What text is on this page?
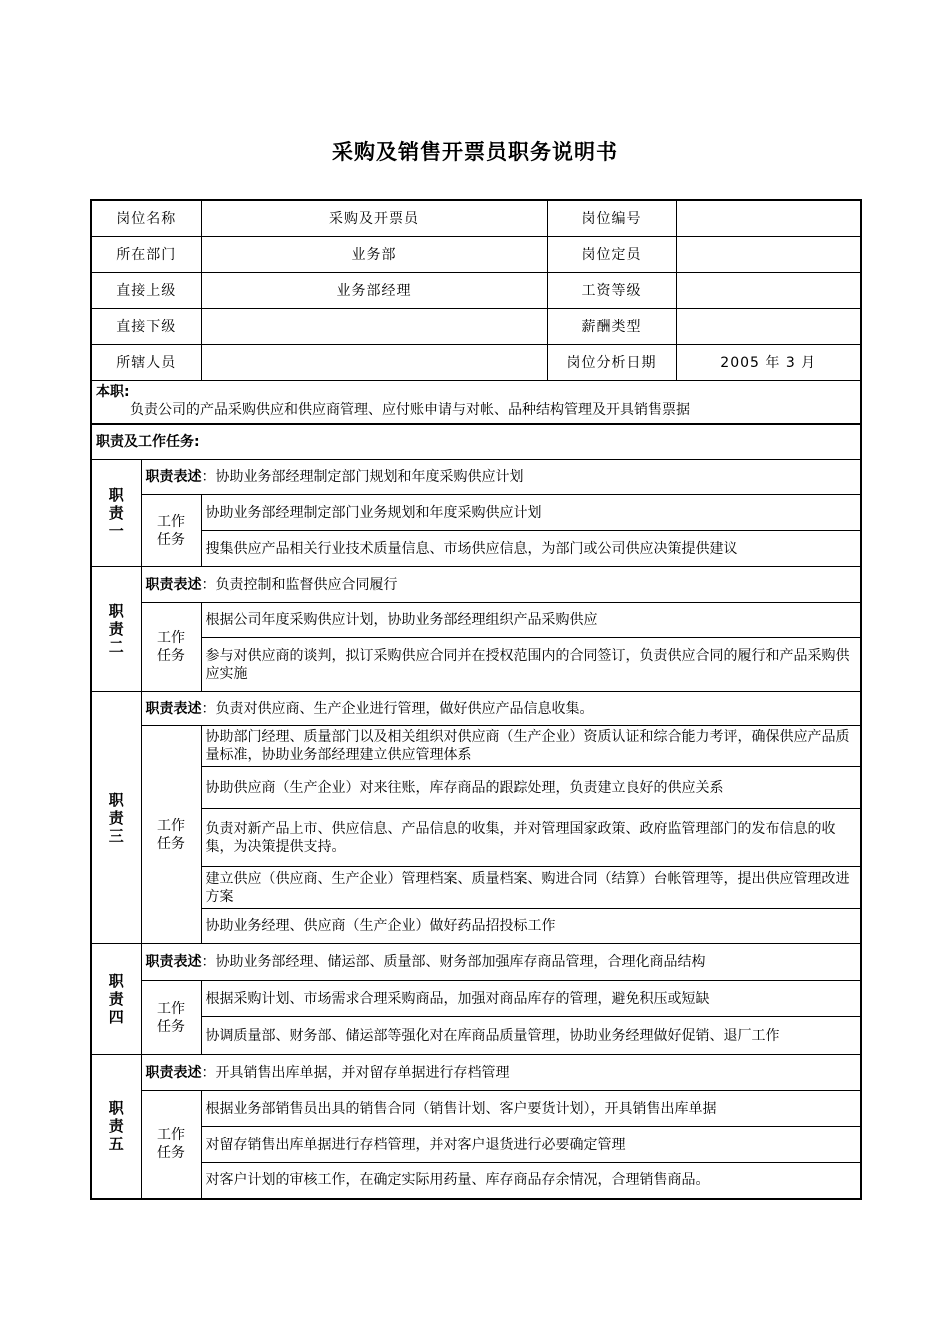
采购及销售开票员职务说明书
岗位名称		采购及开票员	岗位编号	
所在部门		业务部	岗位定员	
直接上级		业务部经理	工资等级	
直接下级			薪酬类型	
所辖人员			岗位分析日期	2005 年 3 月

本职:
负责公司的产品采购供应和供应商管理、应付账申请与对帐、品种结构管理及开具销售票据				

职责及工作任务:				
职责一	职责表述：协助业务部经理制定部门规划和年度采购供应计划			
	工作任务	协助业务部经理制定部门业务规划和年度采购供应计划		
		搜集供应产品相关行业技术质量信息、市场供应信息，为部门或公司供应决策提供建议		
职责二	职责表述：负责控制和监督供应合同履行			
	工作任务	根据公司年度采购供应计划，协助业务部经理组织产品采购供应		
		参与对供应商的谈判，拟订采购供应合同并在授权范围内的合同签订，负责供应合同的履行和产品采购供应实施		
职责三	职责表述：负责对供应商、生产企业进行管理，做好供应产品信息收集。			
	工作任务	协助部门经理、质量部门以及相关组织对供应商（生产企业）资质认证和综合能力考评，确保供应产品质量标准，协助业务部经理建立供应管理体系		
		协助供应商（生产企业）对来往账，库存商品的跟踪处理，负责建立良好的供应关系		
		负责对新产品上市、供应信息、产品信息的收集，并对管理国家政策、政府监管理部门的发布信息的收集，为决策提供支持。		
		建立供应（供应商、生产企业）管理档案、质量档案、购进合同（结算）台帐管理等，提出供应管理改进方案		
		协助业务经理、供应商（生产企业）做好药品招投标工作		
职责四	职责表述：协助业务部经理、储运部、质量部、财务部加强库存商品管理，合理化商品结构			
	工作任务	根据采购计划、市场需求合理采购商品，加强对商品库存的管理，避免积压或短缺		
		协调质量部、财务部、储运部等强化对在库商品质量管理，协助业务经理做好促销、退厂工作		
职责五	职责表述：开具销售出库单据，并对留存单据进行存档管理			
	工作任务	根据业务部销售员出具的销售合同（销售计划、客户要货计划），开具销售出库单据		
		对留存销售出库单据进行存档管理，并对客户退货进行必要确定管理		
		对客户计划的审核工作，在确定实际用药量、库存商品存余情况，合理销售商品。		
